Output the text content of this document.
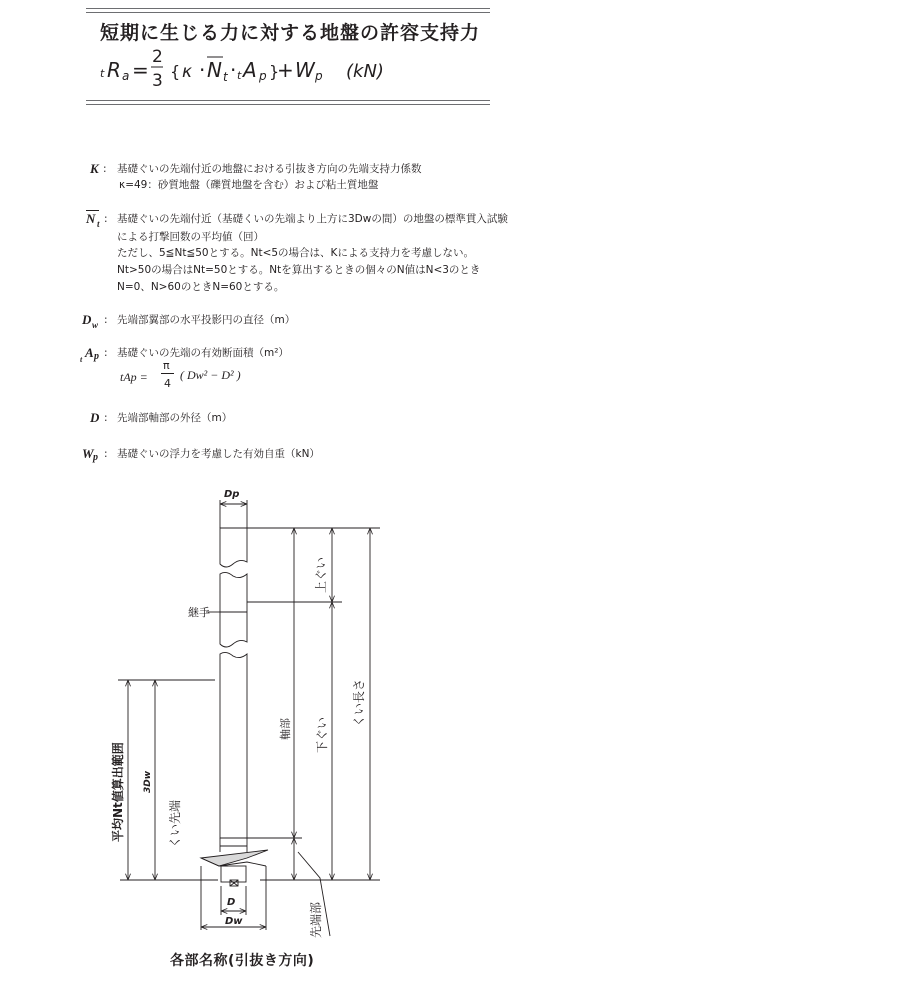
短期に生じる力に対する地盤の許容支持力
t R a =
2
3 { κ · N t · t A p }
+ W p (kN)
K : 基礎ぐいの先端付近の地盤における引抜き方向の先端支持力係数
κ=49：砂質地盤（礫質地盤を含む）および粘土質地盤
N t : 基礎ぐいの先端付近（基礎くいの先端より上方に3Dwの間）の地盤の標準貫入試験
による打撃回数の平均値（回）
ただし、5≦Nt≦50とする。Nt<5の場合は、Kによる支持力を考慮しない。
Nt>50の場合はNt=50とする。Ntを算出するときの個々のN値はN<3のとき
N=0、N>60のときN=60とする。
D w : 先端部翼部の水平投影円の直径（m）
t A p : 基礎ぐいの先端の有効断面積（m²）
tAp =
π
4
( Dw² − D² )
D : 先端部軸部の外径（m）
W p : 基礎ぐいの浮力を考慮した有効自重（kN）
Dp
継手
上ぐい
くい長さ
軸部 下ぐい
平均Nt値算出範囲 3Dw
くい先端
D
Dw	先端部
各部名称(引抜き方向)
